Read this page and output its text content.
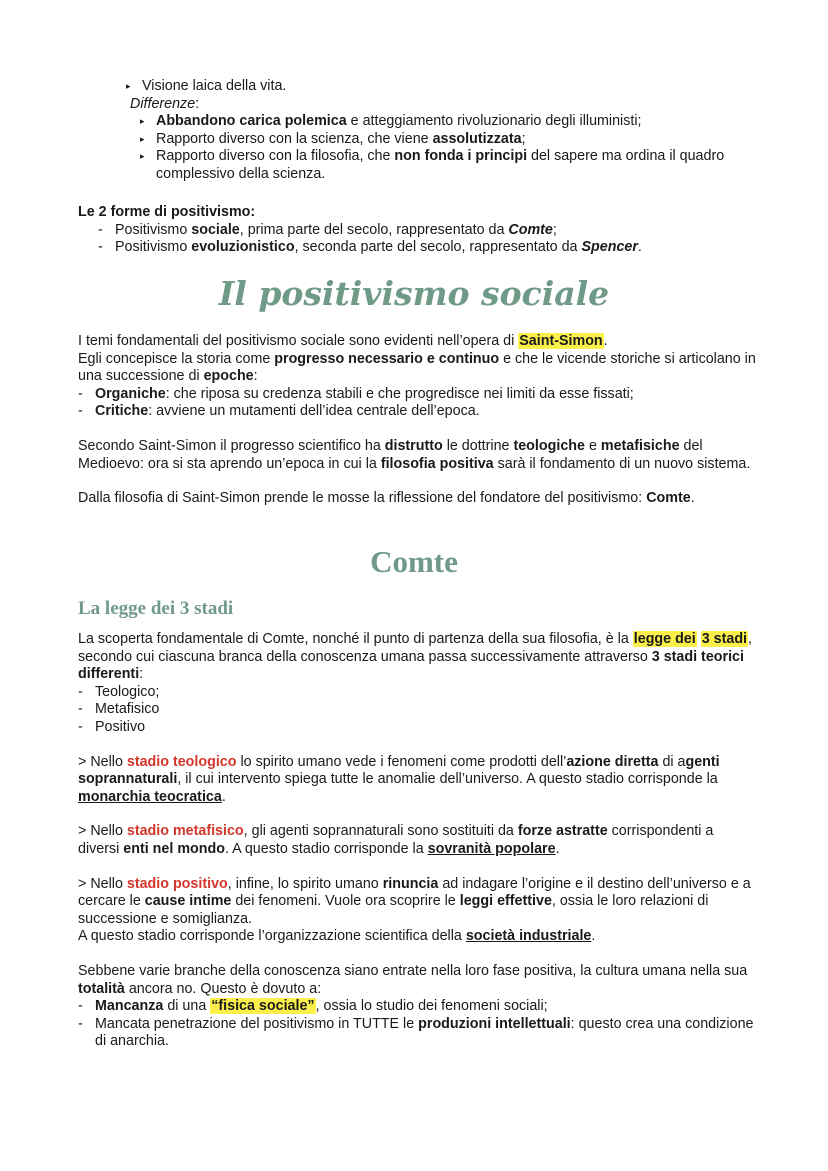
▸ Visione laica della vita.

Differenze:

▸ Abbandono carica polemica e atteggiamento rivoluzionario degli illuministi;
▸ Rapporto diverso con la scienza, che viene assolutizzata;
▸ Rapporto diverso con la filosofia, che non fonda i principi del sapere ma ordina il quadro complessivo della scienza.

Le 2 forme di positivismo:

- Positivismo sociale, prima parte del secolo, rappresentato da Comte;
- Positivismo evoluzionistico, seconda parte del secolo, rappresentato da Spencer.
Il positivismo sociale

I temi fondamentali del positivismo sociale sono evidenti nell’opera di Saint-Simon.

Egli concepisce la storia come progresso necessario e continuo e che le vicende storiche si articolano in una successione di epoche:

- Organiche: che riposa su credenza stabili e che progredisce nei limiti da esse fissati;
- Critiche: avviene un mutamenti dell’idea centrale dell’epoca.

Secondo Saint-Simon il progresso scientifico ha distrutto le dottrine teologiche e metafisiche del Medioevo: ora si sta aprendo un’epoca in cui la filosofia positiva sarà il fondamento di un nuovo sistema.

Dalla filosofia di Saint-Simon prende le mosse la riflessione del fondatore del positivismo: Comte.

Comte
La legge dei 3 stadi

La scoperta fondamentale di Comte, nonché il punto di partenza della sua filosofia, è la legge dei 3 stadi, secondo cui ciascuna branca della conoscenza umana passa successivamente attraverso 3 stadi teorici differenti:

- Teologico;
- Metafisico
- Positivo

> Nello stadio teologico lo spirito umano vede i fenomeni come prodotti dell’azione diretta di agenti soprannaturali, il cui intervento spiega tutte le anomalie dell’universo. A questo stadio corrisponde la monarchia teocratica.

> Nello stadio metafisico, gli agenti soprannaturali sono sostituiti da forze astratte corrispondenti a diversi enti nel mondo. A questo stadio corrisponde la sovranità popolare.

> Nello stadio positivo, infine, lo spirito umano rinuncia ad indagare l’origine e il destino dell’universo e a cercare le cause intime dei fenomeni. Vuole ora scoprire le leggi effettive, ossia le loro relazioni di successione e somiglianza.

A questo stadio corrisponde l’organizzazione scientifica della società industriale.

Sebbene varie branche della conoscenza siano entrate nella loro fase positiva, la cultura umana nella sua totalità ancora no. Questo è dovuto a:

- Mancanza di una “fisica sociale”, ossia lo studio dei fenomeni sociali;
- Mancata penetrazione del positivismo in TUTTE le produzioni intellettuali: questo crea una condizione di anarchia.
